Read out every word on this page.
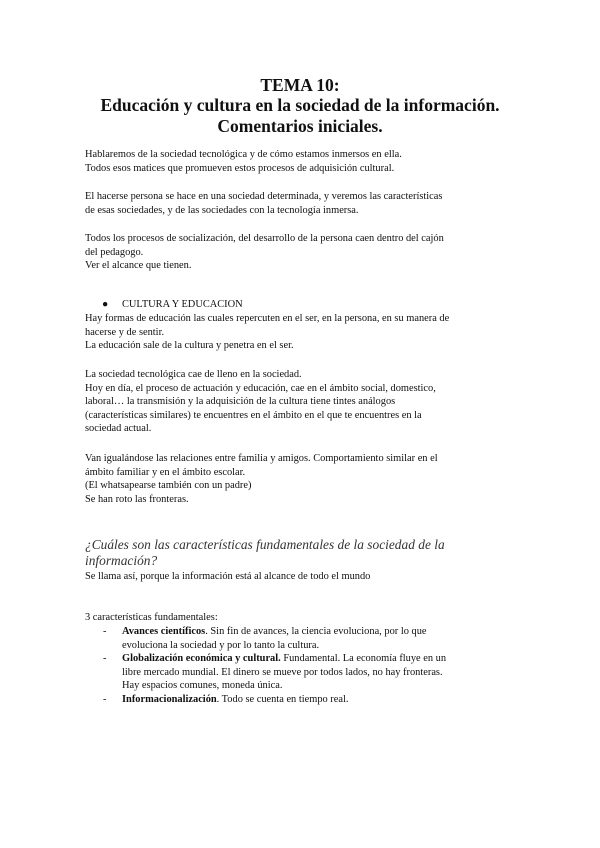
TEMA 10:
Educación y cultura en la sociedad de la información.
Comentarios iniciales.
Hablaremos de la sociedad tecnológica y de cómo estamos inmersos en ella.
Todos esos matices que promueven estos procesos de adquisición cultural.
El hacerse persona se hace en una sociedad determinada, y veremos las características
de esas sociedades, y de las sociedades con la tecnología inmersa.
Todos los procesos de socialización, del desarrollo de la persona caen dentro del cajón
del pedagogo.
Ver el alcance que tienen.
● CULTURA Y EDUCACION
Hay formas de educación las cuales repercuten en el ser, en la persona, en su manera de
hacerse y de sentir.
La educación sale de la cultura y penetra en el ser.
La sociedad tecnológica cae de lleno en la sociedad.
Hoy en día, el proceso de actuación y educación, cae en el ámbito social, domestico,
laboral… la transmisión y la adquisición de la cultura tiene tintes análogos
(características similares) te encuentres en el ámbito en el que te encuentres en la
sociedad actual.
Van igualándose las relaciones entre familia y amigos. Comportamiento similar en el
ámbito familiar y en el ámbito escolar.
(El whatsapearse también con un padre)
Se han roto las fronteras.
¿Cuáles son las características fundamentales de la sociedad de la
información?
Se llama así, porque la información está al alcance de todo el mundo
3 características fundamentales:
- Avances científicos. Sin fin de avances, la ciencia evoluciona, por lo que
evoluciona la sociedad y por lo tanto la cultura.
- Globalización económica y cultural. Fundamental. La economía fluye en un
libre mercado mundial. El dinero se mueve por todos lados, no hay fronteras.
Hay espacios comunes, moneda única.
- Informacionalización. Todo se cuenta en tiempo real.
